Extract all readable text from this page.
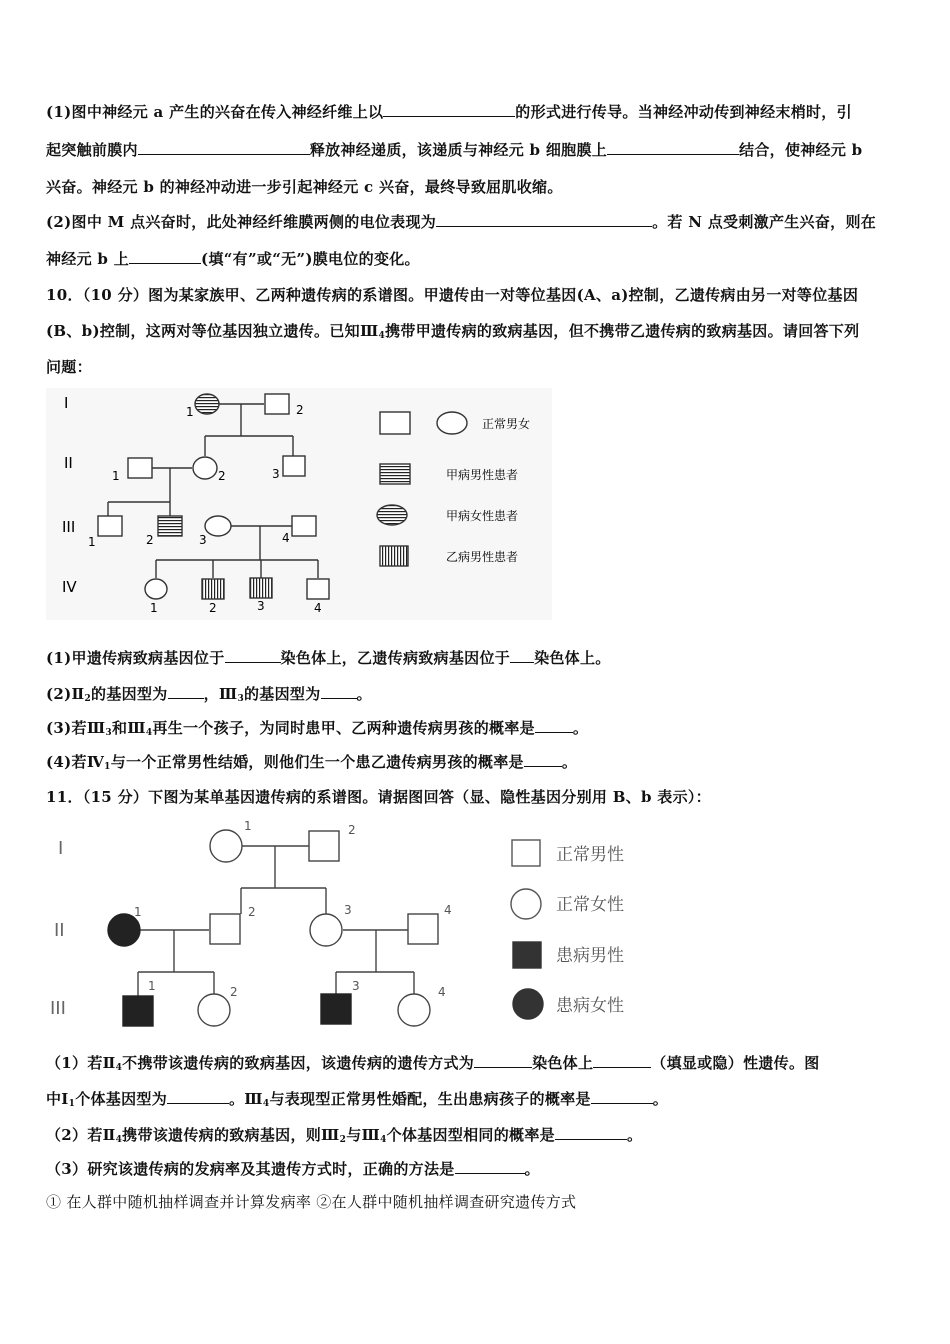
(1)图中神经元 a 产生的兴奋在传入神经纤维上以	的形式进行传导。当神经冲动传到神经末梢时，引
起突触前膜内	释放神经递质，该递质与神经元 b 细胞膜上	结合，使神经元 b
兴奋。神经元 b 的神经冲动进一步引起神经元 c 兴奋，最终导致屈肌收缩。
(2)图中 M 点兴奋时，此处神经纤维膜两侧的电位表现为	。若 N 点受刺激产生兴奋，则在
神经元 b 上	(填“有”或“无”)膜电位的变化。
10．（10 分）图为某家族甲、乙两种遗传病的系谱图。甲遗传由一对等位基因(A、a)控制，乙遗传病由另一对等位基因
(B、b)控制，这两对等位基因独立遗传。已知$Ⅲ_4$携带甲遗传病的致病基因，但不携带乙遗传病的致病基因。请回答下列
问题：
I
II
III
IV
1	2
1	2	3
1	2	3	4
1	2	3	4
正常男女
甲病男性患者
甲病女性患者
乙病男性患者
(1)甲遗传病致病基因位于	染色体上，乙遗传病致病基因位于 染色体上。
$(2)Ⅱ_2$的基因型为 ，$Ⅲ_3$的基因型为 。
(3)若$Ⅲ_3$和$Ⅲ_4$再生一个孩子，为同时患甲、乙两种遗传病男孩的概率是	。
(4)若$Ⅳ_1$与一个正常男性结婚，则他们生一个患乙遗传病男孩的概率是	。
11．（15 分）下图为某单基因遗传病的系谱图。请据图回答（显、隐性基因分别用 B、b 表示）：
I
II
III
1	2
1	2	3	4
1	2	3	4
正常男性
正常女性
患病男性
患病女性
（1）若$Ⅱ_4$不携带该遗传病的致病基因，该遗传病的遗传方式为	染色体上	（填显或隐）性遗传。图
中$Ⅰ_1$个体基因型为	。$Ⅲ_4$与表现型正常男性婚配，生出患病孩子的概率是	。
（2）若$Ⅱ_4$携带该遗传病的致病基因，则$Ⅲ_2$与$Ⅲ_4$个体基因型相同的概率是	。
（3）研究该遗传病的发病率及其遗传方式时，正确的方法是	。
① 在人群中随机抽样调查并计算发病率 ②在人群中随机抽样调查研究遗传方式
